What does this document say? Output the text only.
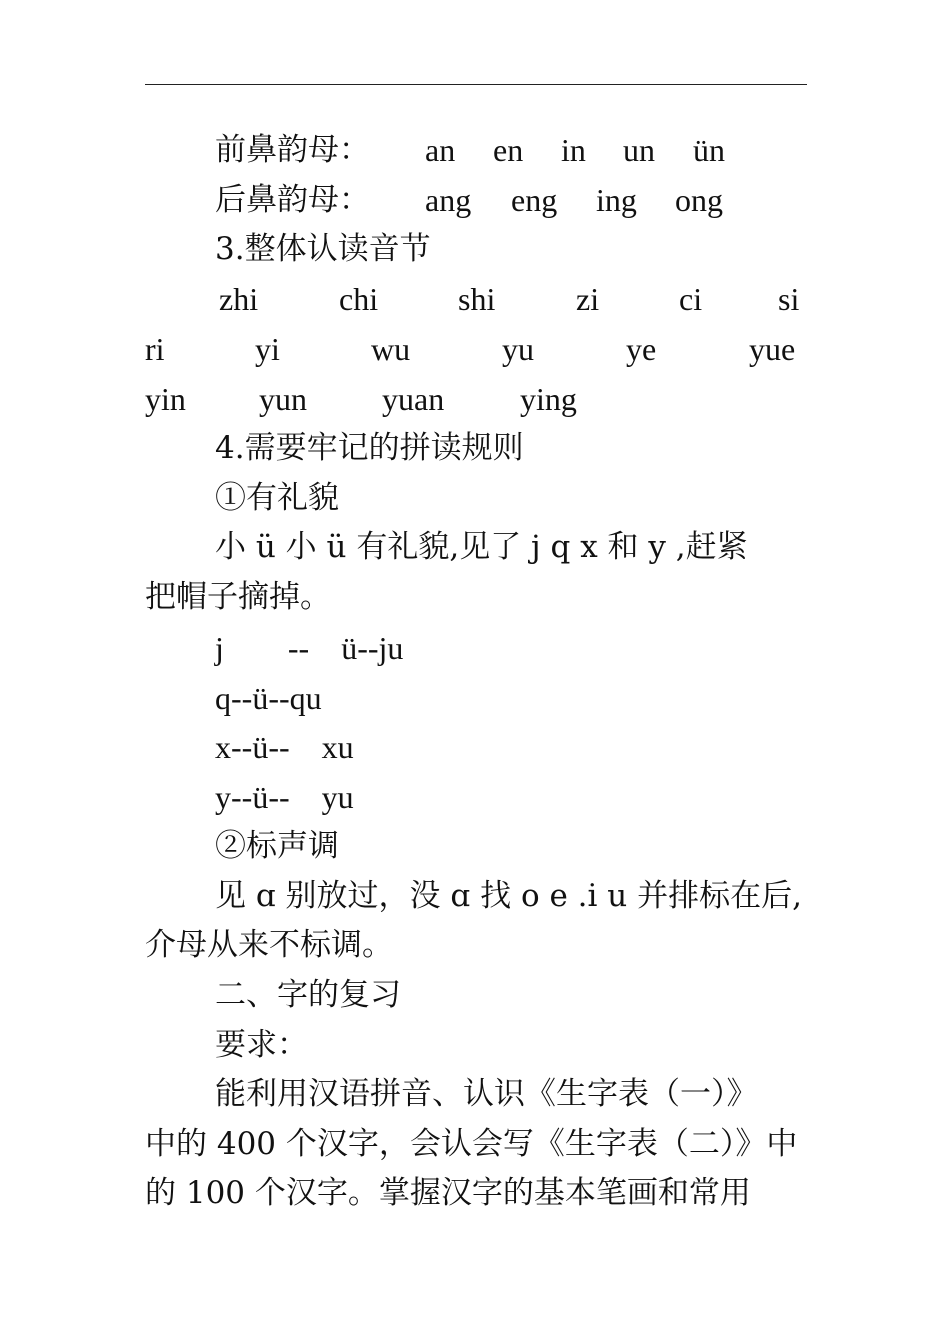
前鼻韵母： an en in un ün
后鼻韵母： ang eng ing ong
3.整体认读音节
zhi	chi shi	zi ci si
ri	yi	wu	yu	ye	yue
yin yun yuan ying
4.需要牢记的拼读规则
①有礼貌
小 ü 小 ü 有礼貌,见了 j q x 和 y ,赶紧
把帽子摘掉。
j        --    ü--ju
q--ü--qu
x--ü--    xu
y--ü--    yu
②标声调
见 ɑ 别放过，没 ɑ 找 o e .i u 并排标在后,
介母从来不标调。
二、字的复习
要求：
能利用汉语拼音、认识《生字表（一）》
中的 400 个汉字，会认会写《生字表（二）》中
的 100 个汉字。掌握汉字的基本笔画和常用
